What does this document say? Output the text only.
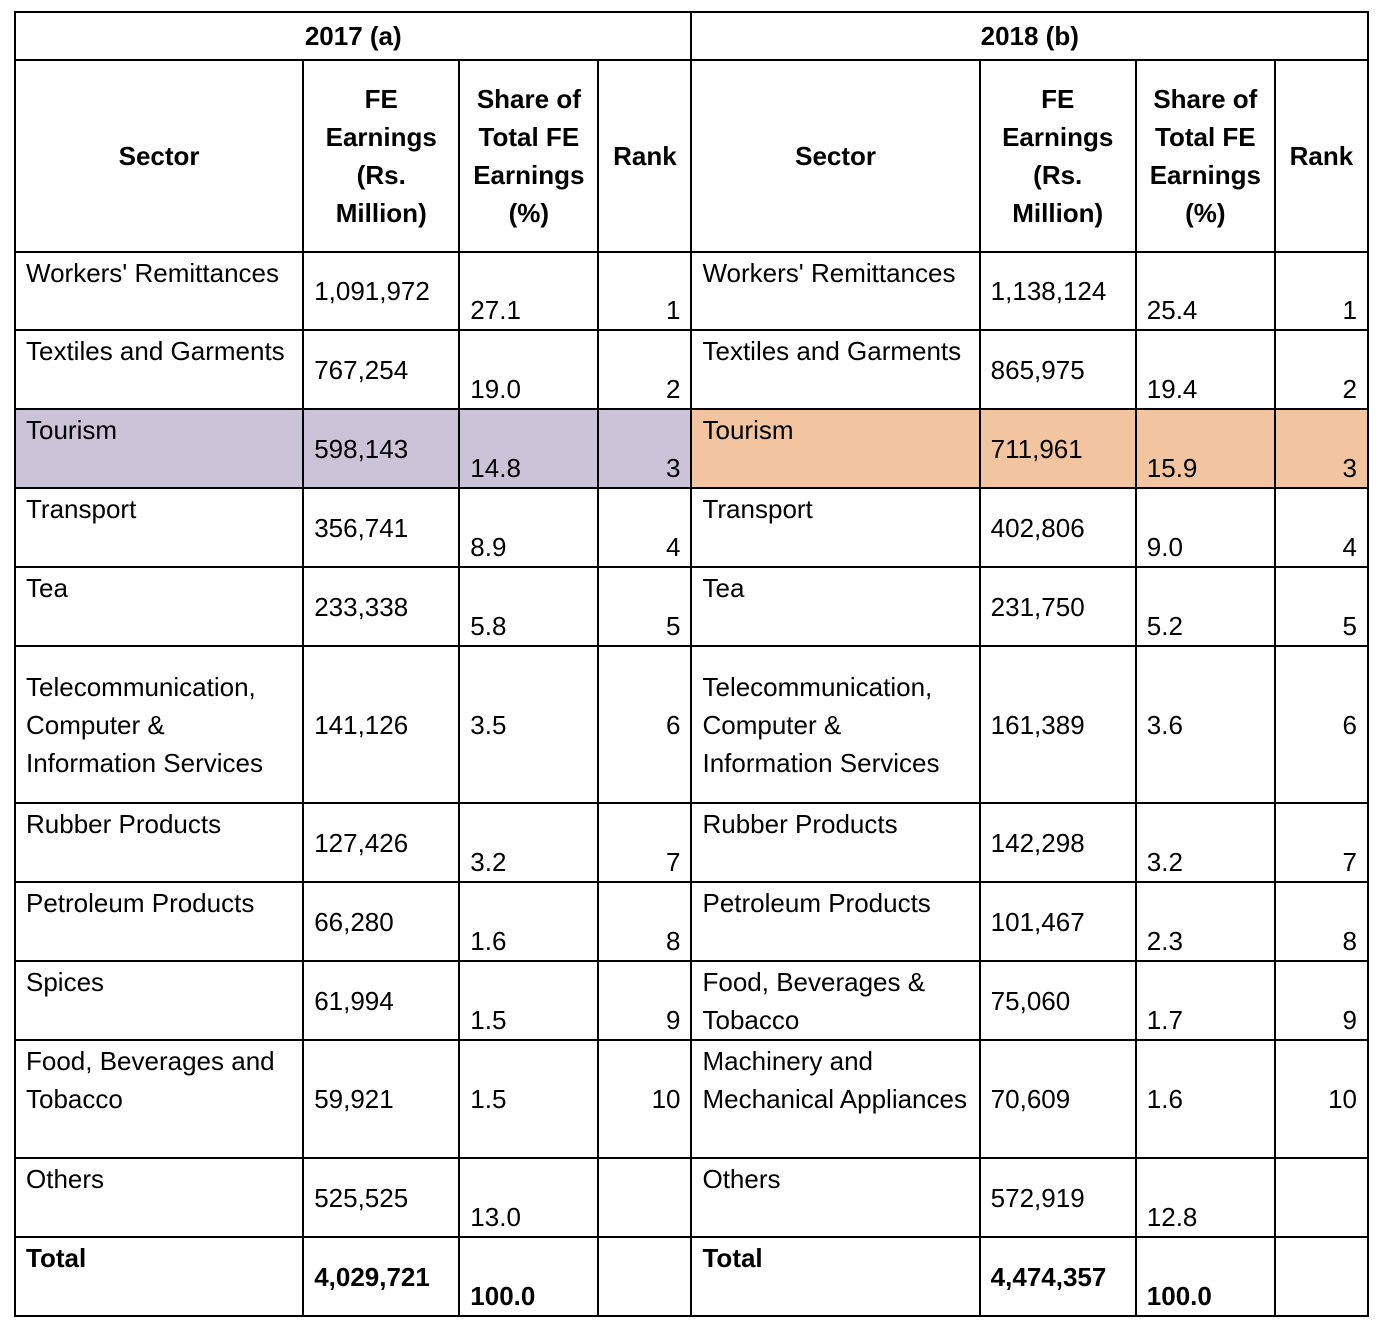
2017 (a)				2018 (b)			
Sector	FE Earnings (Rs. Million)	Share of Total FE Earnings (%)	Rank	Sector	FE Earnings (Rs. Million)	Share of Total FE Earnings (%)	Rank
Workers' Remittances	1,091,972	27.1	1	Workers' Remittances	1,138,124	25.4	1
Textiles and Garments	767,254	19.0	2	Textiles and Garments	865,975	19.4	2
Tourism	598,143	14.8	3	Tourism	711,961	15.9	3
Transport	356,741	8.9	4	Transport	402,806	9.0	4
Tea	233,338	5.8	5	Tea	231,750	5.2	5
Telecommunication, Computer & Information Services	141,126	3.5	6	Telecommunication, Computer & Information Services	161,389	3.6	6
Rubber Products	127,426	3.2	7	Rubber Products	142,298	3.2	7
Petroleum Products	66,280	1.6	8	Petroleum Products	101,467	2.3	8
Spices	61,994	1.5	9	Food, Beverages & Tobacco	75,060	1.7	9
Food, Beverages and Tobacco	59,921	1.5	10	Machinery and Mechanical Appliances	70,609	1.6	10
Others	525,525	13.0		Others	572,919	12.8	
Total	4,029,721	100.0		Total	4,474,357	100.0	
